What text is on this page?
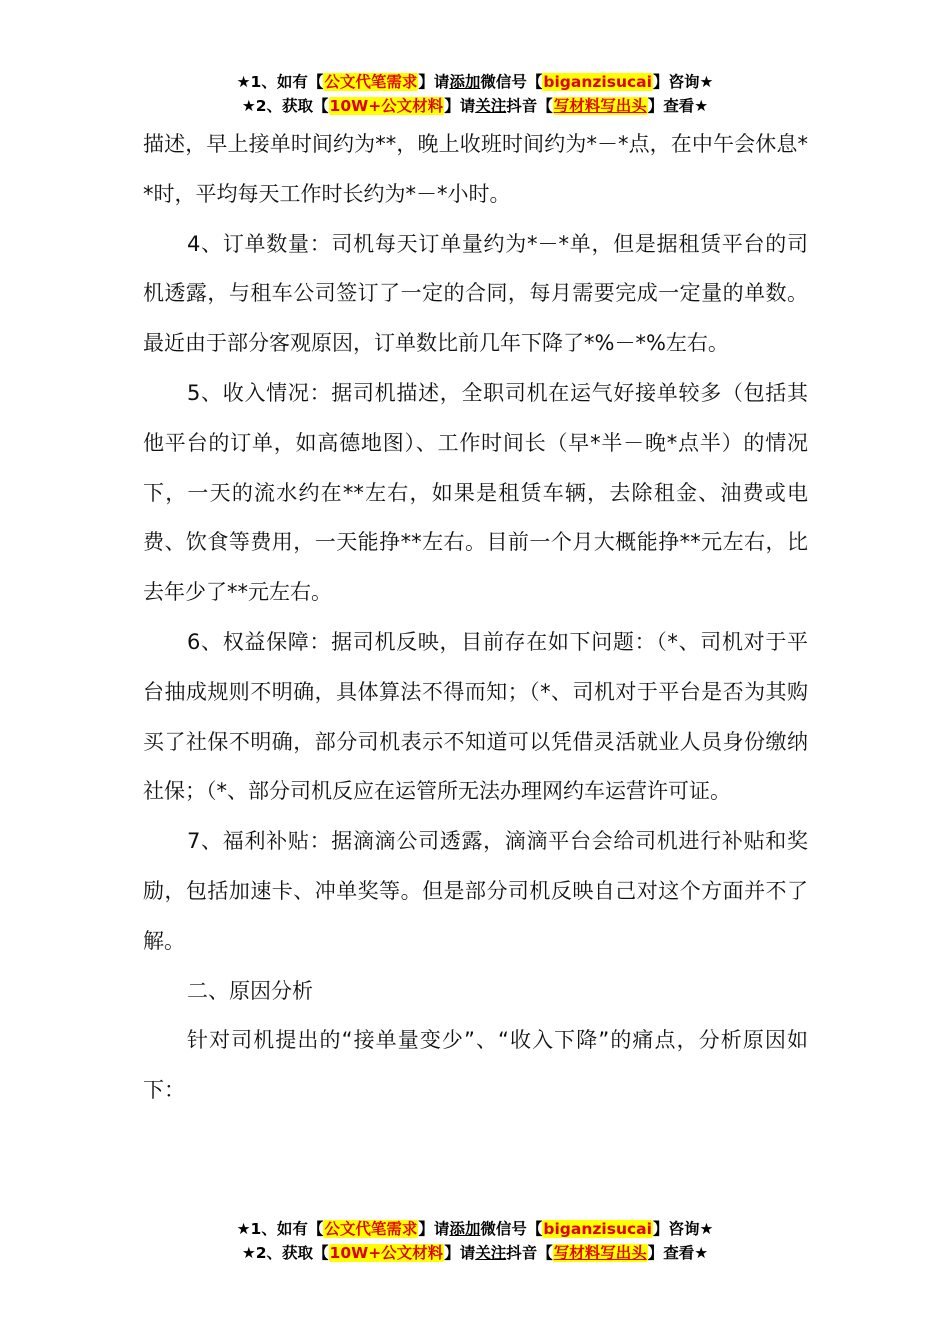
★1、如有【公文代笔需求】请添加微信号【biganzisucai】咨询★
★2、获取【10W+公文材料】请关注抖音【写材料写出头】查看★

描述，早上接单时间约为**，晚上收班时间约为*－*点，在中午会休息**时，平均每天工作时长约为*－*小时。

4、订单数量：司机每天订单量约为*－*单，但是据租赁平台的司机透露，与租车公司签订了一定的合同，每月需要完成一定量的单数。最近由于部分客观原因，订单数比前几年下降了*%－*%左右。

5、收入情况：据司机描述，全职司机在运气好接单较多（包括其他平台的订单，如高德地图）、工作时间长（早*半－晚*点半）的情况下，一天的流水约在**左右，如果是租赁车辆，去除租金、油费或电费、饮食等费用，一天能挣**左右。目前一个月大概能挣**元左右，比去年少了**元左右。

6、权益保障：据司机反映，目前存在如下问题：（*、司机对于平台抽成规则不明确，具体算法不得而知；（*、司机对于平台是否为其购买了社保不明确，部分司机表示不知道可以凭借灵活就业人员身份缴纳社保；（*、部分司机反应在运管所无法办理网约车运营许可证。

7、福利补贴：据滴滴公司透露，滴滴平台会给司机进行补贴和奖励，包括加速卡、冲单奖等。但是部分司机反映自己对这个方面并不了解。

二、原因分析

针对司机提出的“接单量变少”、“收入下降”的痛点，分析原因如下：

★1、如有【公文代笔需求】请添加微信号【biganzisucai】咨询★
★2、获取【10W+公文材料】请关注抖音【写材料写出头】查看★
